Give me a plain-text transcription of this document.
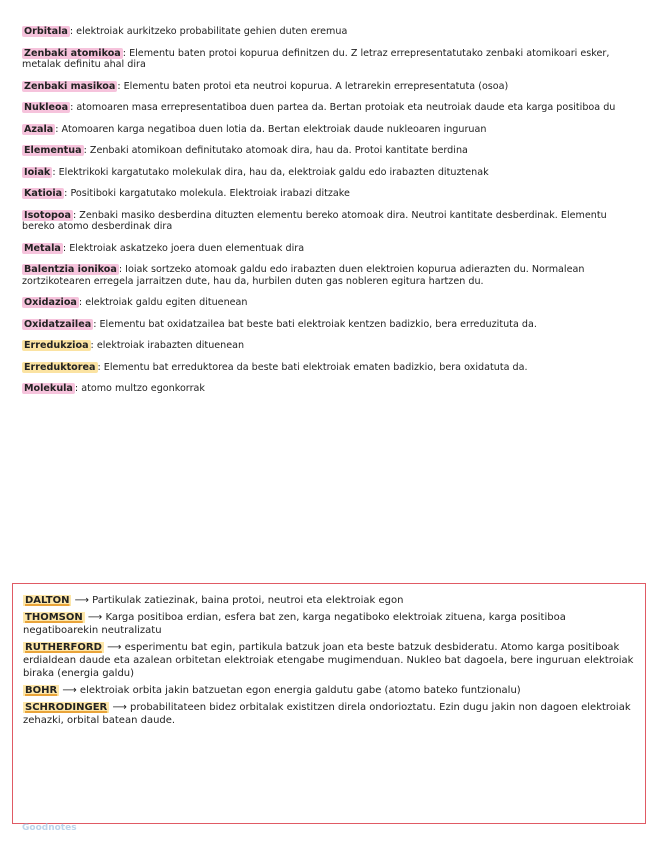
Orbitala : elektroiak aurkitzeko probabilitate gehien duten eremua
Zenbaki atomikoa : Elementu baten protoi kopurua definitzen du. Z letraz errepresentatutako zenbaki atomikoari esker, metalak definitu ahal dira
Zenbaki masikoa : Elementu baten protoi eta neutroi kopurua. A letrarekin errepresentatuta (osoa)
Nukleoa : atomoaren masa errepresentatiboa duen partea da. Bertan protoiak eta neutroiak daude eta karga positiboa du
Azala : Atomoaren karga negatiboa duen lotia da. Bertan elektroiak daude nukleoaren inguruan
Elementua : Zenbaki atomikoan definitutako atomoak dira, hau da. Protoi kantitate berdina
Ioiak : Elektrikoki kargatutako molekulak dira, hau da, elektroiak galdu edo irabazten dituztenak
Katioia : Positiboki kargatutako molekula. Elektroiak irabazi ditzake
Isotopoa : Zenbaki masiko desberdina dituzten elementu bereko atomoak dira. Neutroi kantitate desberdinak. Elementu bereko atomo desberdinak dira
Metala : Elektroiak askatzeko joera duen elementuak dira
Balentzia ionikoa : Ioiak sortzeko atomoak galdu edo irabazten duen elektroien kopurua adierazten du. Normalean zortzikotearen erregela jarraitzen dute, hau da, hurbilen duten gas nobleren egitura hartzen du.
Oxidazioa : elektroiak galdu egiten dituenean
Oxidatzailea : Elementu bat oxidatzailea bat beste bati elektroiak kentzen badizkio, bera erreduzituta da.
Erredukzioa : elektroiak irabazten dituenean
Erreduktorea : Elementu bat erreduktorea da beste bati elektroiak ematen badizkio, bera oxidatuta da.
Molekula : atomo multzo egonkorrak
DALTON ⟶ Partikulak zatiezinak, baina protoi, neutroi eta elektroiak egon
THOMSON ⟶ Karga positiboa erdian, esfera bat zen, karga negatiboko elektroiak zituena, karga positiboa negatiboarekin neutralizatu
RUTHERFORD ⟶ esperimentu bat egin, partikula batzuk joan eta beste batzuk desbideratu. Atomo karga positiboak erdialdean daude eta azalean orbitetan elektroiak etengabe mugimenduan. Nukleo bat dagoela, bere inguruan elektroiak biraka (energia galdu)
BOHR ⟶ elektroiak orbita jakin batzuetan egon energia galdutu gabe (atomo bateko funtzionalu)
SCHRODINGER ⟶ probabilitateen bidez orbitalak existitzen direla ondorioztatu. Ezin dugu jakin non dagoen elektroiak zehazki, orbital batean daude.
Goodnotes
